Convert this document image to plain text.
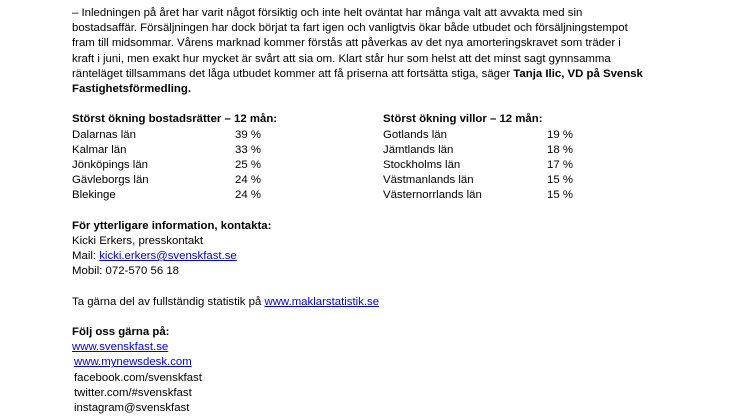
– Inledningen på året har varit något försiktig och inte helt oväntat har många valt att avvakta med sin
bostadsaffär. Försäljningen har dock börjat ta fart igen och vanligtvis ökar både utbudet och försäljningstempot
fram till midsommar. Vårens marknad kommer förstås att påverkas av det nya amorteringskravet som träder i
kraft i juni, men exakt hur mycket är svårt att sia om. Klart står hur som helst att det minst sagt gynnsamma
ränteläget tillsammans det låga utbudet kommer att få priserna att fortsätta stiga, säger Tanja Ilic, VD på Svensk
Fastighetsförmedling.
Störst ökning bostadsrätter – 12 mån:
Dalarnas län	39 %
Kalmar län	33 %
Jönköpings län	25 %
Gävleborgs län	24 %
Blekinge	24 %
Störst ökning villor – 12 mån:
Gotlands län	19 %
Jämtlands län	18 %
Stockholms län	17 %
Västmanlands län	15 %
Västernorrlands län	15 %
För ytterligare information, kontakta:
Kicki Erkers, presskontakt
Mail: kicki.erkers@svenskfast.se
Mobil: 072-570 56 18
Ta gärna del av fullständig statistik på www.maklarstatistik.se
Följ oss gärna på:
www.svenskfast.se
www.mynewsdesk.com
facebook.com/svenskfast
twitter.com/#svenskfast
instagram@svenskfast
